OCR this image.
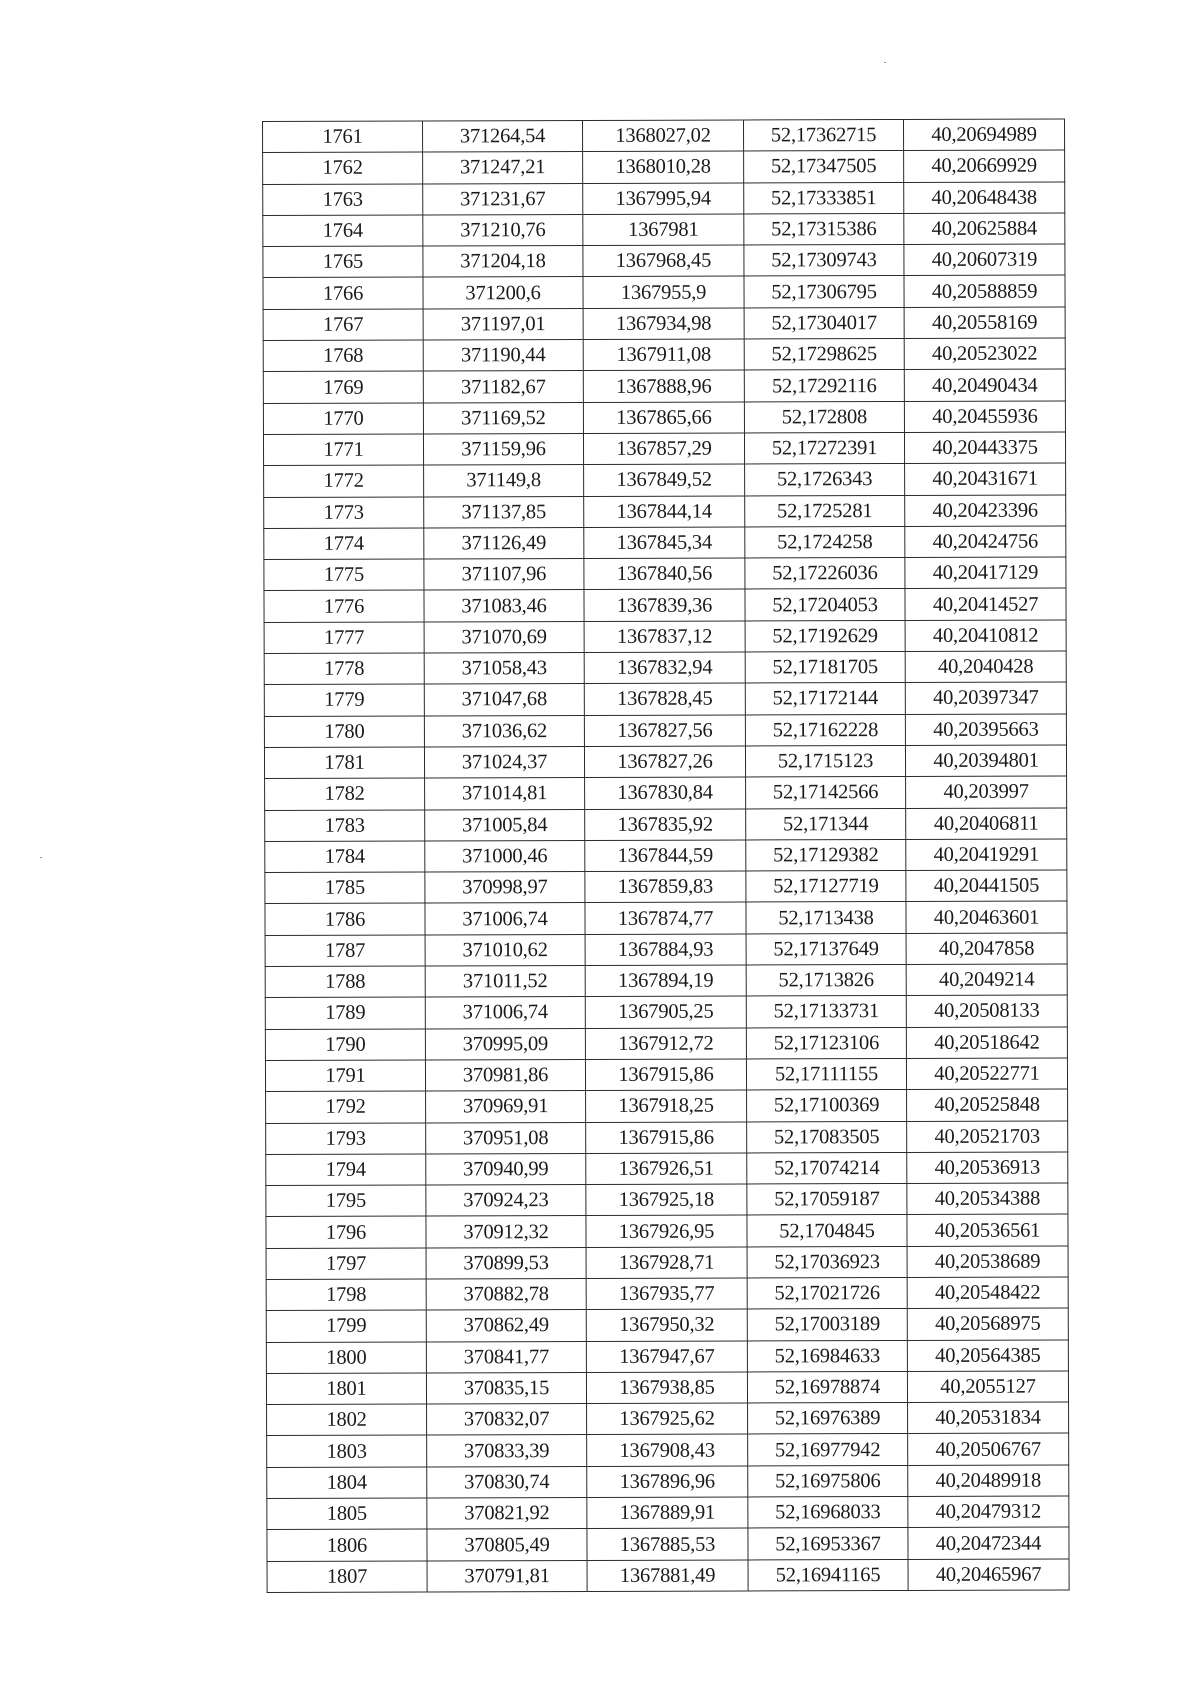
1761	371264,54	1368027,02	52,17362715	40,20694989
1762	371247,21	1368010,28	52,17347505	40,20669929
1763	371231,67	1367995,94	52,17333851	40,20648438
1764	371210,76	1367981	52,17315386	40,20625884
1765	371204,18	1367968,45	52,17309743	40,20607319
1766	371200,6	1367955,9	52,17306795	40,20588859
1767	371197,01	1367934,98	52,17304017	40,20558169
1768	371190,44	1367911,08	52,17298625	40,20523022
1769	371182,67	1367888,96	52,17292116	40,20490434
1770	371169,52	1367865,66	52,172808	40,20455936
1771	371159,96	1367857,29	52,17272391	40,20443375
1772	371149,8	1367849,52	52,1726343	40,20431671
1773	371137,85	1367844,14	52,1725281	40,20423396
1774	371126,49	1367845,34	52,1724258	40,20424756
1775	371107,96	1367840,56	52,17226036	40,20417129
1776	371083,46	1367839,36	52,17204053	40,20414527
1777	371070,69	1367837,12	52,17192629	40,20410812
1778	371058,43	1367832,94	52,17181705	40,2040428
1779	371047,68	1367828,45	52,17172144	40,20397347
1780	371036,62	1367827,56	52,17162228	40,20395663
1781	371024,37	1367827,26	52,1715123	40,20394801
1782	371014,81	1367830,84	52,17142566	40,203997
1783	371005,84	1367835,92	52,171344	40,20406811
1784	371000,46	1367844,59	52,17129382	40,20419291
1785	370998,97	1367859,83	52,17127719	40,20441505
1786	371006,74	1367874,77	52,1713438	40,20463601
1787	371010,62	1367884,93	52,17137649	40,2047858
1788	371011,52	1367894,19	52,1713826	40,2049214
1789	371006,74	1367905,25	52,17133731	40,20508133
1790	370995,09	1367912,72	52,17123106	40,20518642
1791	370981,86	1367915,86	52,17111155	40,20522771
1792	370969,91	1367918,25	52,17100369	40,20525848
1793	370951,08	1367915,86	52,17083505	40,20521703
1794	370940,99	1367926,51	52,17074214	40,20536913
1795	370924,23	1367925,18	52,17059187	40,20534388
1796	370912,32	1367926,95	52,1704845	40,20536561
1797	370899,53	1367928,71	52,17036923	40,20538689
1798	370882,78	1367935,77	52,17021726	40,20548422
1799	370862,49	1367950,32	52,17003189	40,20568975
1800	370841,77	1367947,67	52,16984633	40,20564385
1801	370835,15	1367938,85	52,16978874	40,2055127
1802	370832,07	1367925,62	52,16976389	40,20531834
1803	370833,39	1367908,43	52,16977942	40,20506767
1804	370830,74	1367896,96	52,16975806	40,20489918
1805	370821,92	1367889,91	52,16968033	40,20479312
1806	370805,49	1367885,53	52,16953367	40,20472344
1807	370791,81	1367881,49	52,16941165	40,20465967
